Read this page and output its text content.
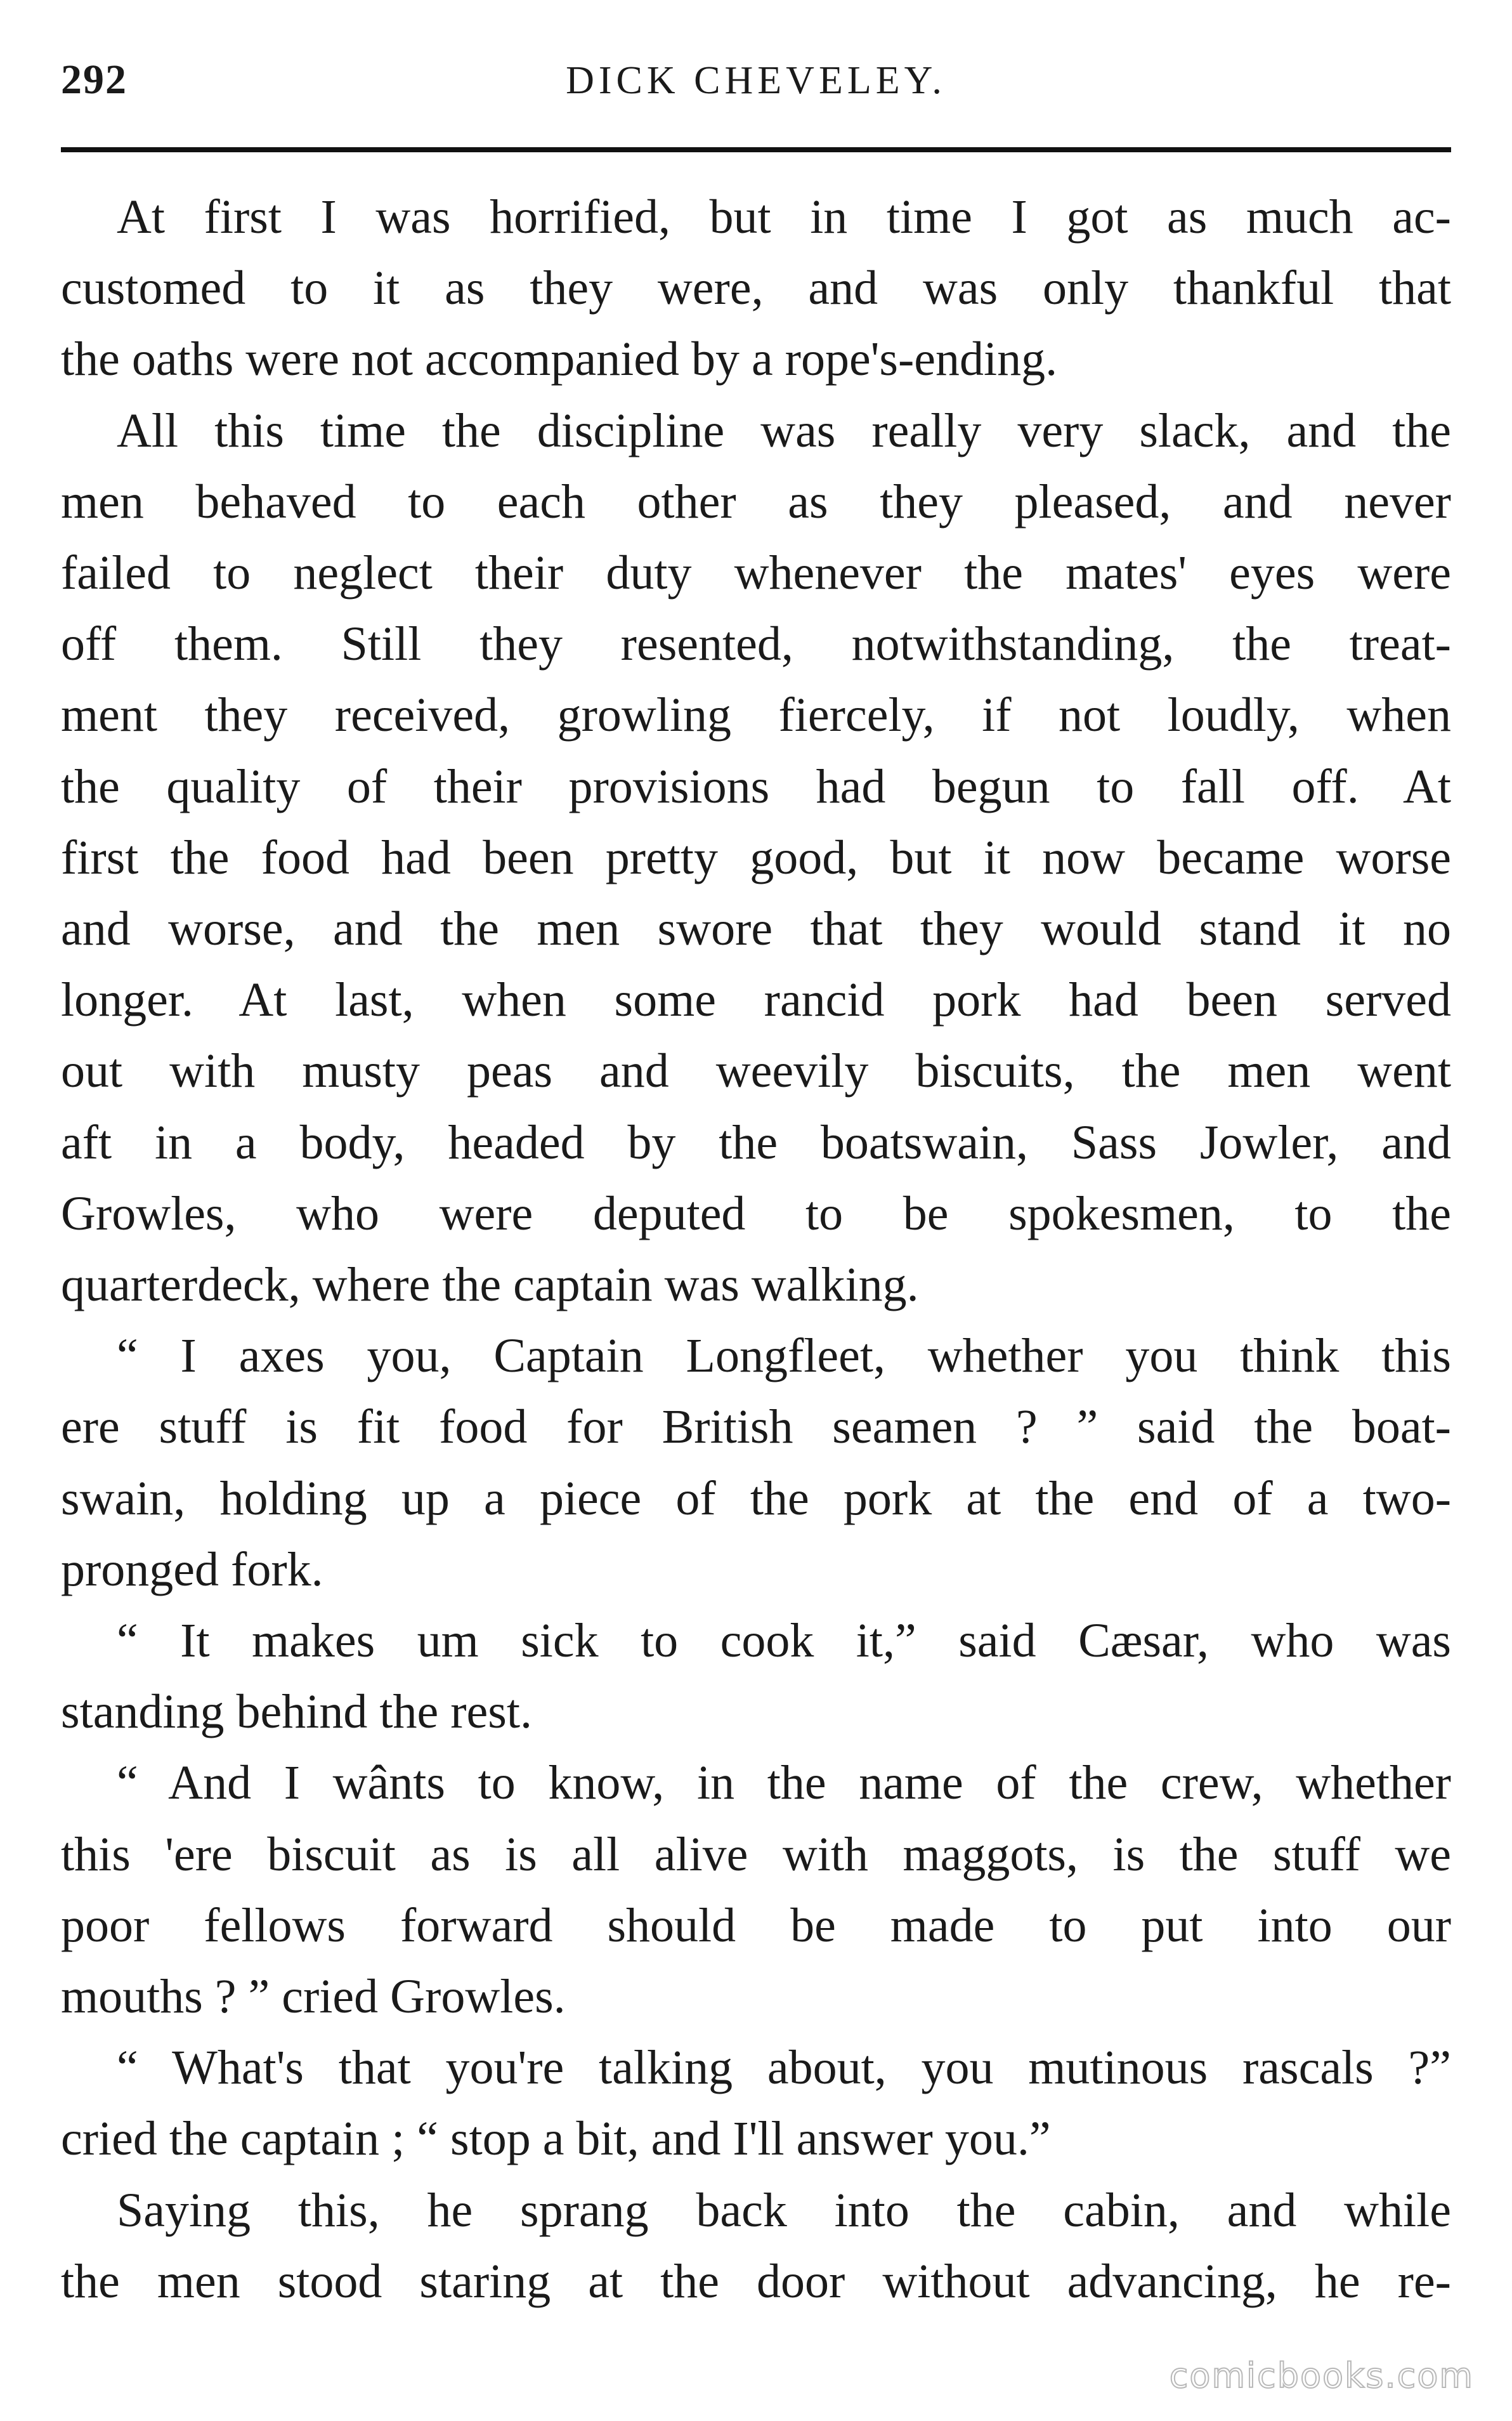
292	DICK CHEVELEY.

At first I was horrified, but in time I got as much ac-
customed to it as they were, and was only thankful that
the oaths were not accompanied by a rope's-ending.

All this time the discipline was really very slack, and the
men behaved to each other as they pleased, and never
failed to neglect their duty whenever the mates' eyes were
off them. Still they resented, notwithstanding, the treat-
ment they received, growling fiercely, if not loudly, when
the quality of their provisions had begun to fall off. At
first the food had been pretty good, but it now became worse
and worse, and the men swore that they would stand it no
longer. At last, when some rancid pork had been served
out with musty peas and weevily biscuits, the men went
aft in a body, headed by the boatswain, Sass Jowler, and
Growles, who were deputed to be spokesmen, to the
quarterdeck, where the captain was walking.

“ I axes you, Captain Longfleet, whether you think this
ere stuff is fit food for British seamen ? ” said the boat-
swain, holding up a piece of the pork at the end of a two-
pronged fork.

“ It makes um sick to cook it,” said Cæsar, who was
standing behind the rest.

“ And I wânts to know, in the name of the crew, whether
this 'ere biscuit as is all alive with maggots, is the stuff we
poor fellows forward should be made to put into our
mouths ? ” cried Growles.

“ What's that you're talking about, you mutinous rascals ?”
cried the captain ; “ stop a bit, and I'll answer you.”

Saying this, he sprang back into the cabin, and while
the men stood staring at the door without advancing, he re-

comicbooks.com
